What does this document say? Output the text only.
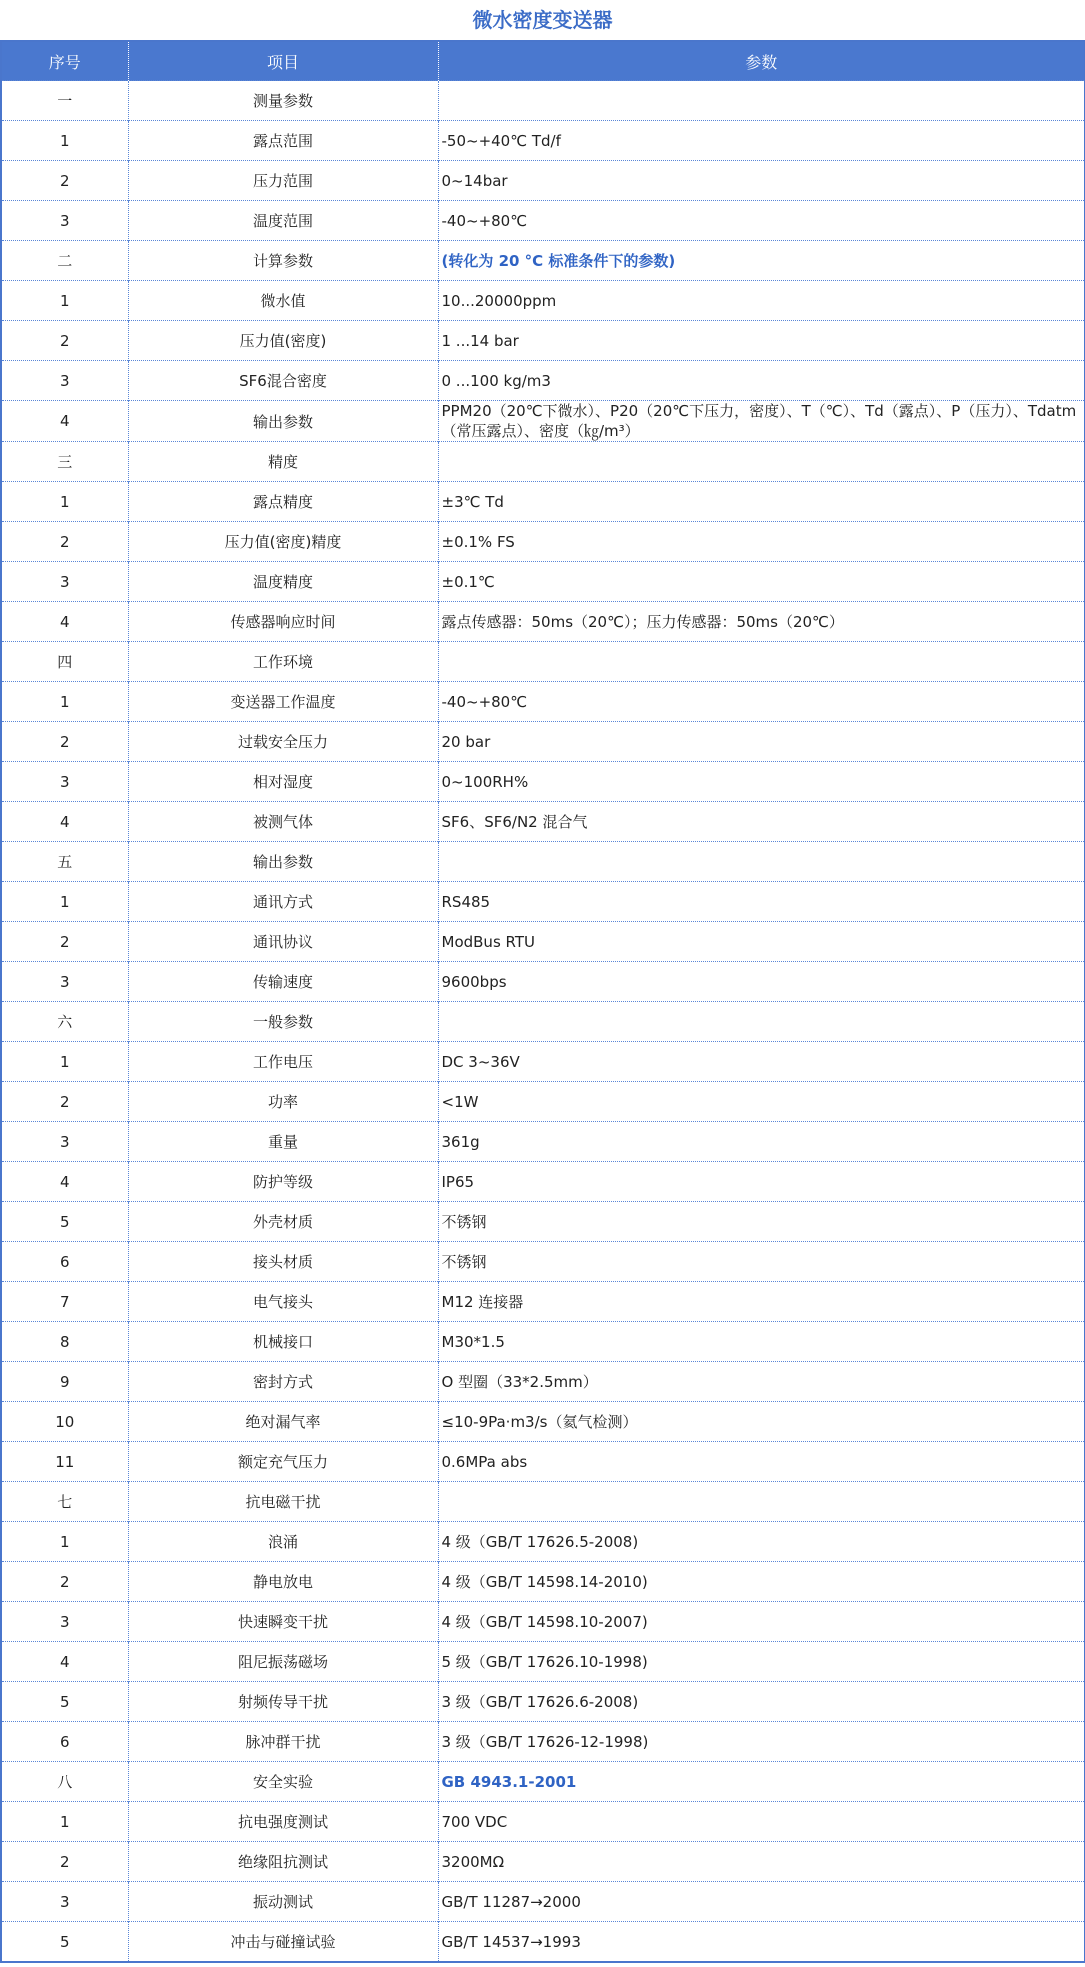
微水密度变送器
序号	项目	参数
一	测量参数	
1	露点范围	-50~+40℃ Td/f
2	压力范围	0~14bar
3	温度范围	-40~+80℃
二	计算参数	(转化为 20 °C 标准条件下的参数)
1	微水值	10...20000ppm
2	压力值(密度)	1 ...14 bar
3	SF6混合密度	0 ...100 kg/m3
4	输出参数	PPM20（20℃下微水）、P20（20℃下压力，密度）、T（℃）、Td（露点）、P（压力）、Tdatm（常压露点）、密度（㎏/m³）
三	精度	
1	露点精度	±3℃ Td
2	压力值(密度)精度	±0.1% FS
3	温度精度	±0.1℃
4	传感器响应时间	露点传感器：50ms（20℃）；压力传感器：50ms（20℃）
四	工作环境	
1	变送器工作温度	-40~+80℃
2	过载安全压力	20 bar
3	相对湿度	0~100RH%
4	被测气体	SF6、SF6/N2 混合气
五	输出参数	
1	通讯方式	RS485
2	通讯协议	ModBus RTU
3	传输速度	9600bps
六	一般参数	
1	工作电压	DC 3~36V
2	功率	<1W
3	重量	361g
4	防护等级	IP65
5	外壳材质	不锈钢
6	接头材质	不锈钢
7	电气接头	M12 连接器
8	机械接口	M30*1.5
9	密封方式	O 型圈（33*2.5mm）
10	绝对漏气率	≤10-9Pa·m3/s（氦气检测）
11	额定充气压力	0.6MPa abs
七	抗电磁干扰	
1	浪涌	4 级（GB/T 17626.5-2008)
2	静电放电	4 级（GB/T 14598.14-2010)
3	快速瞬变干扰	4 级（GB/T 14598.10-2007)
4	阻尼振荡磁场	5 级（GB/T 17626.10-1998)
5	射频传导干扰	3 级（GB/T 17626.6-2008)
6	脉冲群干扰	3 级（GB/T 17626-12-1998)
八	安全实验	GB 4943.1-2001
1	抗电强度测试	700 VDC
2	绝缘阻抗测试	3200MΩ
3	振动测试	GB/T 11287→2000
5	冲击与碰撞试验	GB/T 14537→1993
